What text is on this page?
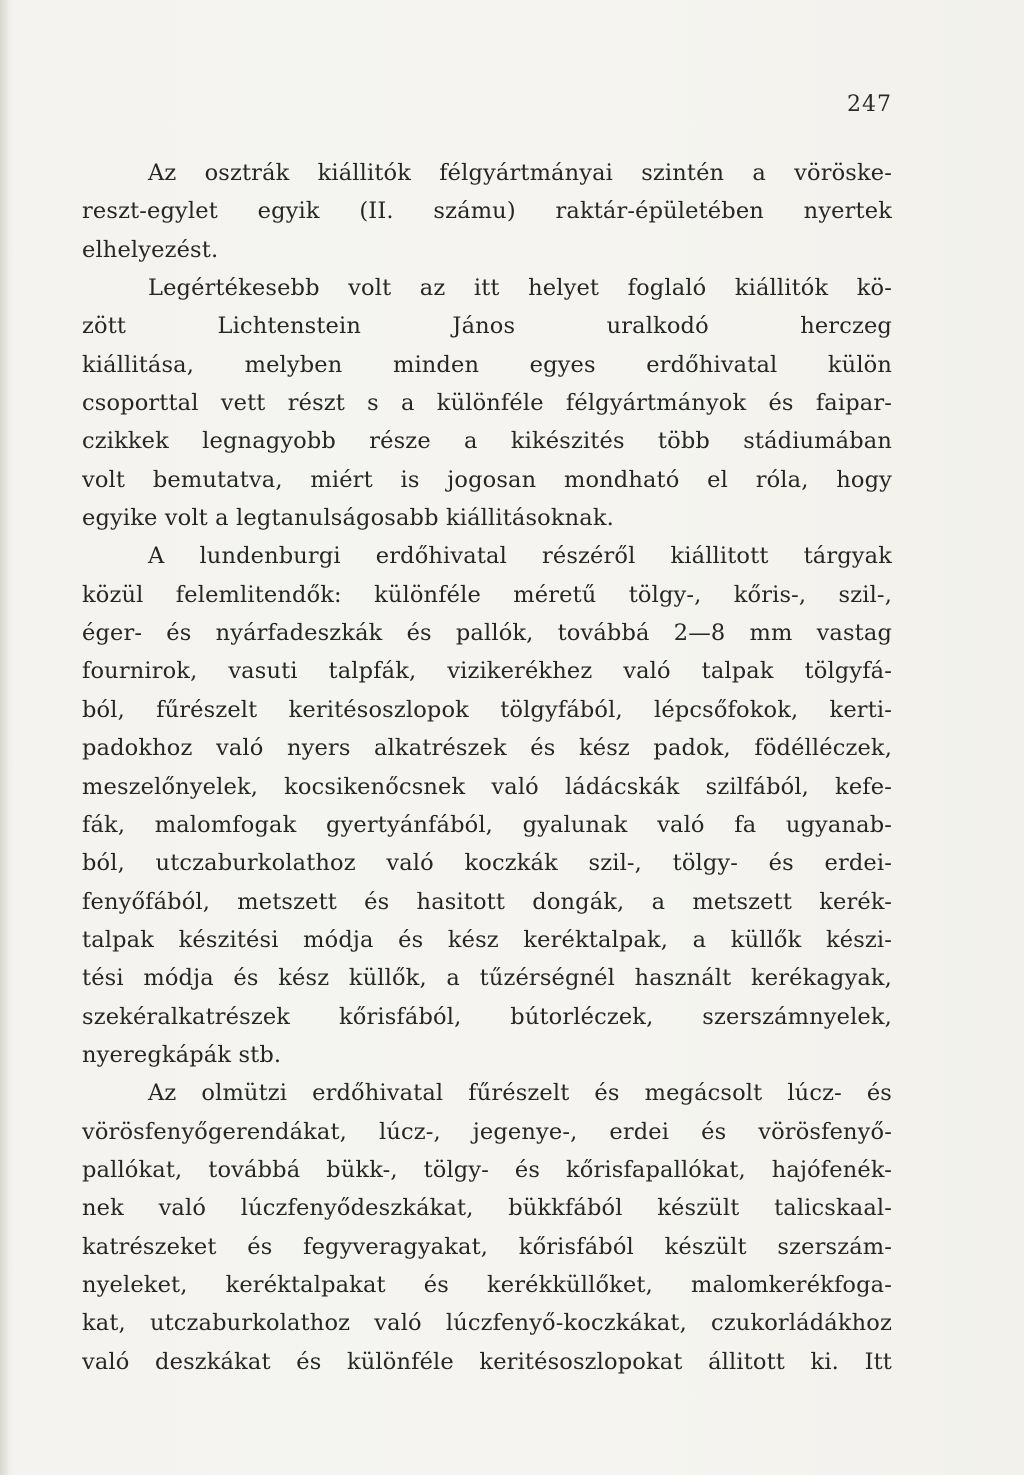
247
Az osztrák kiállitók félgyártmányai szintén a vöröske-
reszt-egylet egyik (II. számu) raktár-épületében nyertek
elhelyezést.
Legértékesebb volt az itt helyet foglaló kiállitók kö-
zött Lichtenstein János uralkodó herczeg
kiállitása, melyben minden egyes erdőhivatal külön
csoporttal vett részt s a különféle félgyártmányok és faipar-
czikkek legnagyobb része a kikészités több stádiumában
volt bemutatva, miért is jogosan mondható el róla, hogy
egyike volt a legtanulságosabb kiállitásoknak.
A lundenburgi erdőhivatal részéről kiállitott tárgyak
közül felemlitendők: különféle méretű tölgy-, kőris-, szil-,
éger- és nyárfadeszkák és pallók, továbbá 2—8 mm vastag
fournirok, vasuti talpfák, vizikerékhez való talpak tölgyfá-
ból, fűrészelt keritésoszlopok tölgyfából, lépcsőfokok, kerti-
padokhoz való nyers alkatrészek és kész padok, födélléczek,
meszelőnyelek, kocsikenőcsnek való ládácskák szilfából, kefe-
fák, malomfogak gyertyánfából, gyalunak való fa ugyanab-
ból, utczaburkolathoz való koczkák szil-, tölgy- és erdei-
fenyőfából, metszett és hasitott dongák, a metszett kerék-
talpak készitési módja és kész keréktalpak, a küllők készi-
tési módja és kész küllők, a tűzérségnél használt kerékagyak,
szekéralkatrészek kőrisfából, bútorléczek, szerszámnyelek,
nyeregkápák stb.
Az olmützi erdőhivatal fűrészelt és megácsolt lúcz- és
vörösfenyőgerendákat, lúcz-, jegenye-, erdei és vörösfenyő-
pallókat, továbbá bükk-, tölgy- és kőrisfapallókat, hajófenék-
nek való lúczfenyődeszkákat, bükkfából készült talicskaal-
katrészeket és fegyveragyakat, kőrisfából készült szerszám-
nyeleket, keréktalpakat és kerékküllőket, malomkerékfoga-
kat, utczaburkolathoz való lúczfenyő-koczkákat, czukorládákhoz
való deszkákat és különféle keritésoszlopokat állitott ki. Itt
